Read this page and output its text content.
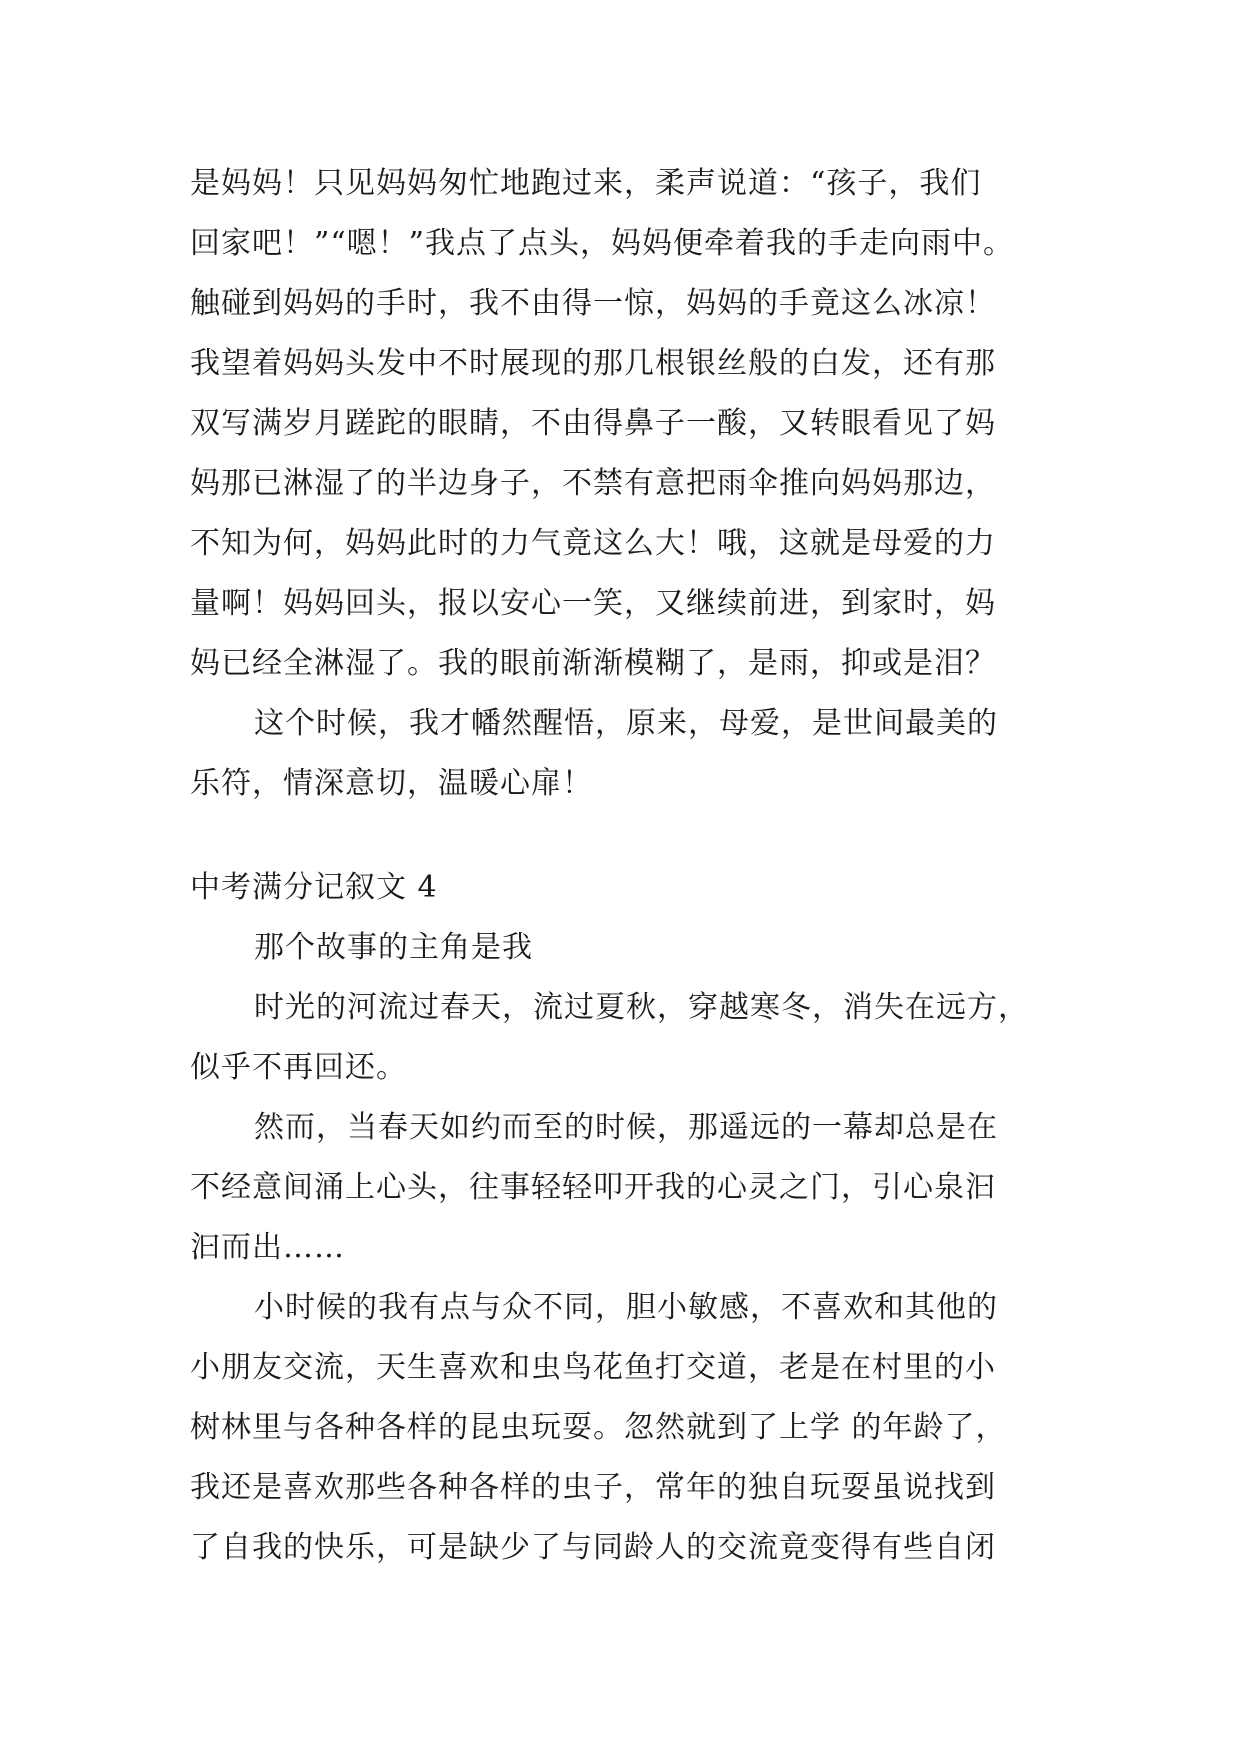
是妈妈！只见妈妈匆忙地跑过来，柔声说道：“孩子，我们
回家吧！”“嗯！”我点了点头，妈妈便牵着我的手走向雨中。
触碰到妈妈的手时，我不由得一惊，妈妈的手竟这么冰凉！
我望着妈妈头发中不时展现的那几根银丝般的白发，还有那
双写满岁月蹉跎的眼睛，不由得鼻子一酸，又转眼看见了妈
妈那已淋湿了的半边身子，不禁有意把雨伞推向妈妈那边，
不知为何，妈妈此时的力气竟这么大！哦，这就是母爱的力
量啊！妈妈回头，报以安心一笑，又继续前进，到家时，妈
妈已经全淋湿了。我的眼前渐渐模糊了，是雨，抑或是泪？
这个时候，我才幡然醒悟，原来，母爱，是世间最美的
乐符，情深意切，温暖心扉！
中考满分记叙文 4
那个故事的主角是我
时光的河流过春天，流过夏秋，穿越寒冬，消失在远方，
似乎不再回还。
然而，当春天如约而至的时候，那遥远的一幕却总是在
不经意间涌上心头，往事轻轻叩开我的心灵之门，引心泉汩
汩而出……
小时候的我有点与众不同，胆小敏感，不喜欢和其他的
小朋友交流，天生喜欢和虫鸟花鱼打交道，老是在村里的小
树林里与各种各样的昆虫玩耍。忽然就到了上学 的年龄了，
我还是喜欢那些各种各样的虫子，常年的独自玩耍虽说找到
了自我的快乐，可是缺少了与同龄人的交流竟变得有些自闭
